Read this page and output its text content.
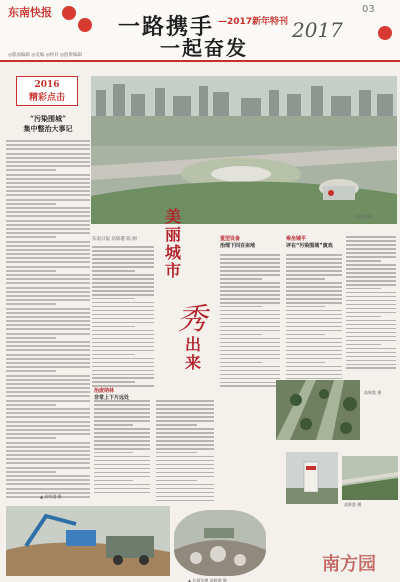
东南快报
一路携手 —2017新年特刊
一起奋发
2017
03
◎版面编辑 ◎美编 ◎校对 ◎值班编辑
2016
精彩点击
“污染围城”
集中整治大事记
高辉港 摄
美丽城市
秀
出来
东南日报 高辉港 陈 刚	重型设备
治理下四百亩地
乘坐铺平
评在“污染围城”演戏
治废纳林
非常上下片远处
高辉港 摄
高辉港 摄
▲ 高辉港 摄
▲ 垃圾治理 高辉港 摄
南方园
